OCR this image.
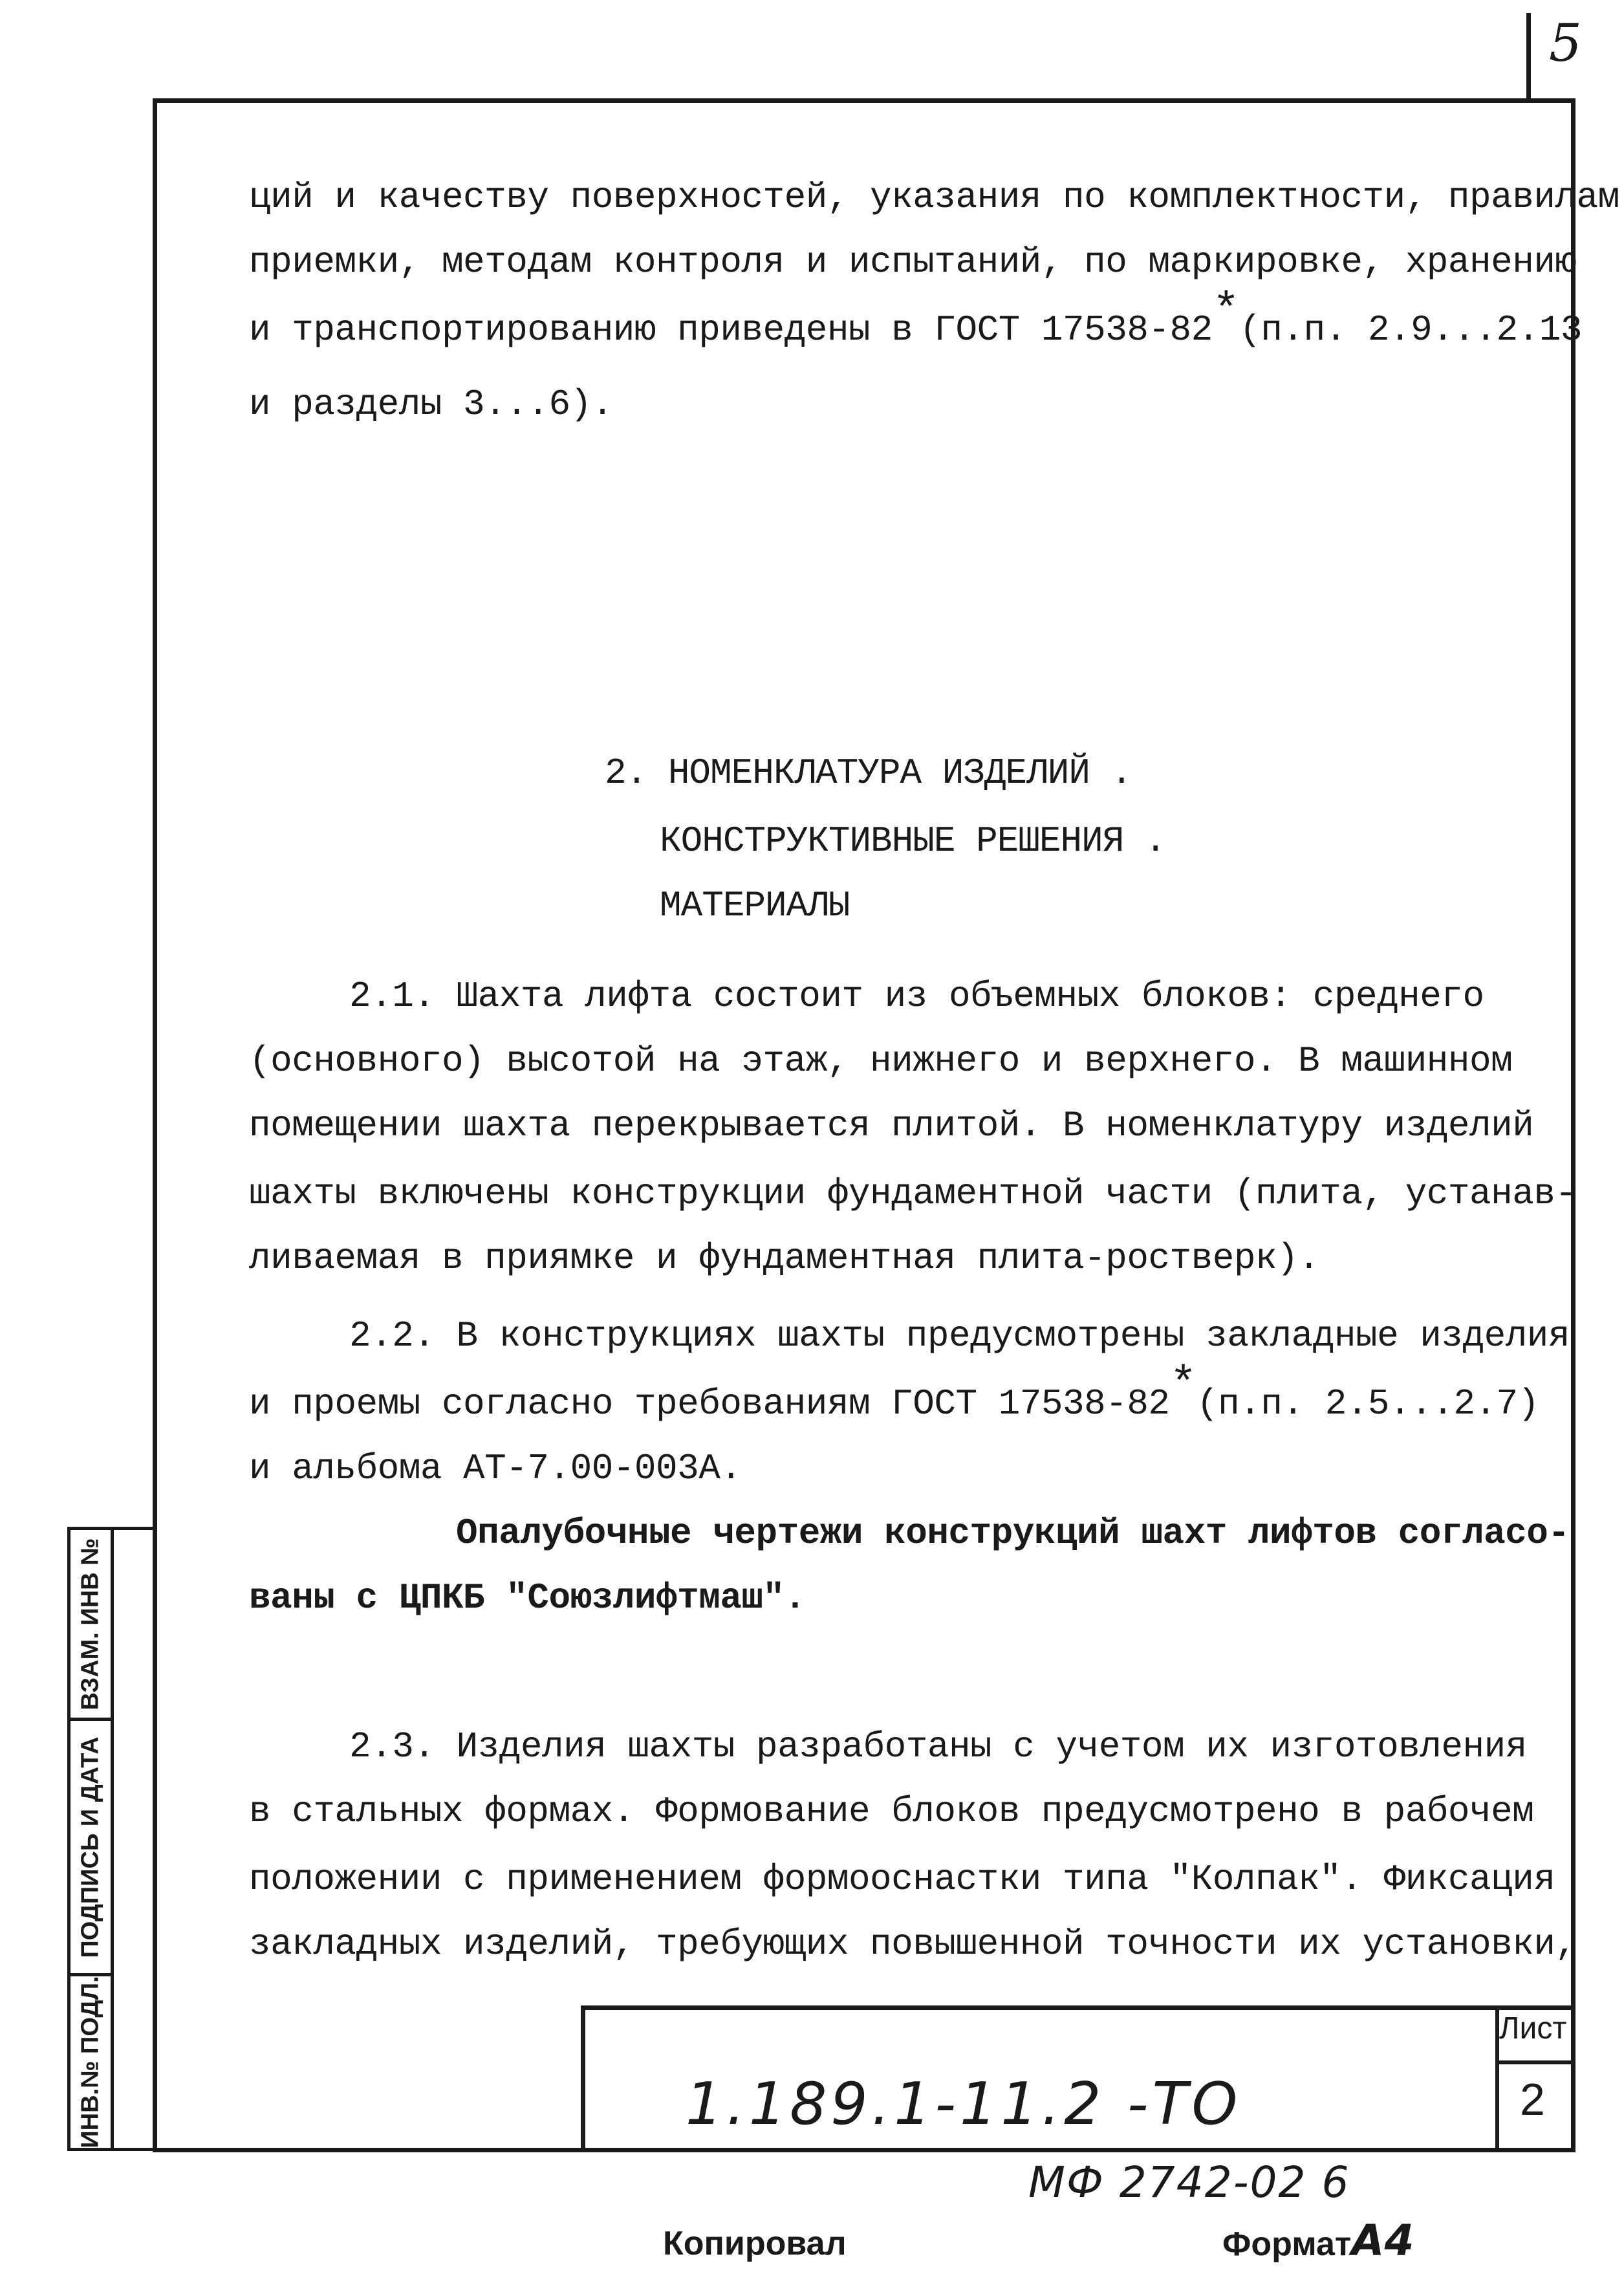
5
ций и качеству поверхностей, указания по комплектности, правилам
приемки, методам контроля и испытаний, по маркировке, хранению
и транспортированию приведены в ГОСТ 17538-82*(п.п. 2.9...2.13
и разделы 3...6).
2. НОМЕНКЛАТУРА ИЗДЕЛИЙ .
КОНСТРУКТИВНЫЕ РЕШЕНИЯ .
МАТЕРИАЛЫ
2.1. Шахта лифта состоит из объемных блоков: среднего
(основного) высотой на этаж, нижнего и верхнего. В машинном
помещении шахта перекрывается плитой. В номенклатуру изделий
шахты включены конструкции фундаментной части (плита, устанав-
ливаемая в приямке и фундаментная плита-ростверк).
2.2. В конструкциях шахты предусмотрены закладные изделия
и проемы согласно требованиям ГОСТ 17538-82*(п.п. 2.5...2.7)
и альбома АТ-7.00-003А.
Опалубочные чертежи конструкций шахт лифтов согласо-
ваны с ЦПКБ "Союзлифтмаш".
2.3. Изделия шахты разработаны с учетом их изготовления
в стальных формах. Формование блоков предусмотрено в рабочем
положении с применением формооснастки типа "Колпак". Фиксация
закладных изделий, требующих повышенной точности их установки,
ВЗАМ. ИНВ №
ПОДПИСЬ И ДАТА
ИНВ.№ ПОДЛ.	1.189.1-11.2 -ТО
Лист
2
МФ 2742-02 6
Копировал	ФорматА4
